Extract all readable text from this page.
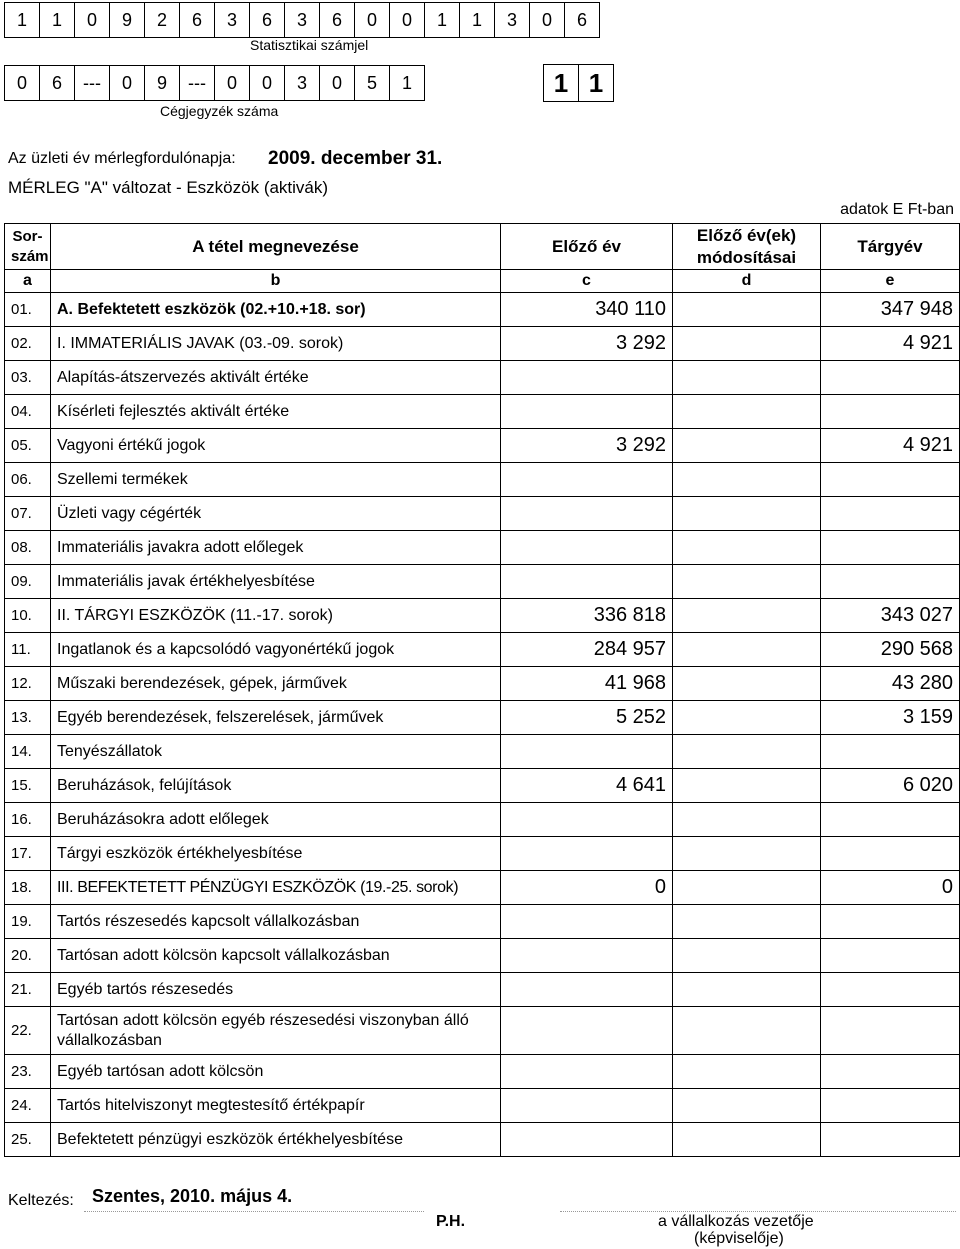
1	1	0	9	2	6	3	6	3	6	0	0	1	1	3	0	6
Statisztikai számjel
0	6	---	0	9	---	0	0	3	0	5	1	1	1
Cégjegyzék száma
Az üzleti év mérlegfordulónapja: 2009. december 31.
MÉRLEG "A" változat - Eszközök (aktivák)
adatok E Ft-ban
Sor-
szám	A tétel megnevezése	Előző év	Előző év(ek)
módosításai	Tárgyév
a	b	c	d	e
01.	A. Befektetett eszközök (02.+10.+18. sor)	340 110		347 948
02.	I. IMMATERIÁLIS JAVAK (03.-09. sorok)	3 292		4 921
03.	Alapítás-átszervezés aktivált értéke			
04.	Kísérleti fejlesztés aktivált értéke			
05.	Vagyoni értékű jogok	3 292		4 921
06.	Szellemi termékek			
07.	Üzleti vagy cégérték			
08.	Immateriális javakra adott előlegek			
09.	Immateriális javak értékhelyesbítése			
10.	II. TÁRGYI ESZKÖZÖK (11.-17. sorok)	336 818		343 027
11.	Ingatlanok és a kapcsolódó vagyonértékű jogok	284 957		290 568
12.	Műszaki berendezések, gépek, járművek	41 968		43 280
13.	Egyéb berendezések, felszerelések, járművek	5 252		3 159
14.	Tenyészállatok			
15.	Beruházások, felújítások	4 641		6 020
16.	Beruházásokra adott előlegek			
17.	Tárgyi eszközök értékhelyesbítése			
18.	III. BEFEKTETETT PÉNZÜGYI ESZKÖZÖK (19.-25. sorok)	0		0
19.	Tartós részesedés kapcsolt vállalkozásban			
20.	Tartósan adott kölcsön kapcsolt vállalkozásban			
21.	Egyéb tartós részesedés			
22.	Tartósan adott kölcsön egyéb részesedési viszonyban álló vállalkozásban			
23.	Egyéb tartósan adott kölcsön			
24.	Tartós hitelviszonyt megtestesítő értékpapír			
25.	Befektetett pénzügyi eszközök értékhelyesbítése			
Keltezés: Szentes, 2010. május 4.
P.H.	a vállalkozás vezetője
(képviselője)
